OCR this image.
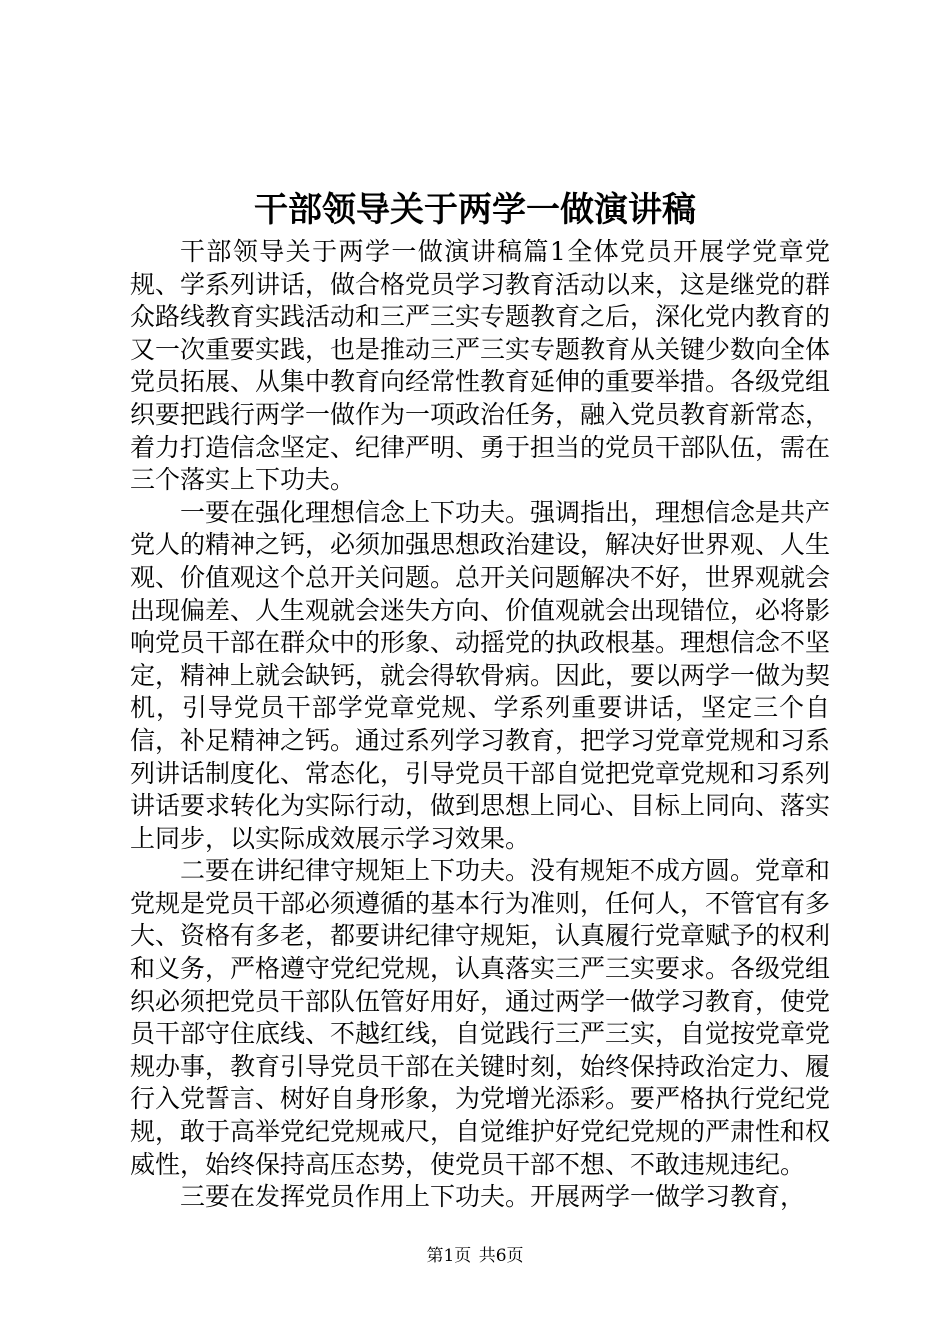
干部领导关于两学一做演讲稿

干部领导关于两学一做演讲稿篇1全体党员开展学党章党规、学系列讲话，做合格党员学习教育活动以来，这是继党的群众路线教育实践活动和三严三实专题教育之后，深化党内教育的又一次重要实践，也是推动三严三实专题教育从关键少数向全体党员拓展、从集中教育向经常性教育延伸的重要举措。各级党组织要把践行两学一做作为一项政治任务，融入党员教育新常态，着力打造信念坚定、纪律严明、勇于担当的党员干部队伍，需在三个落实上下功夫。

一要在强化理想信念上下功夫。强调指出，理想信念是共产党人的精神之钙，必须加强思想政治建设，解决好世界观、人生观、价值观这个总开关问题。总开关问题解决不好，世界观就会出现偏差、人生观就会迷失方向、价值观就会出现错位，必将影响党员干部在群众中的形象、动摇党的执政根基。理想信念不坚定，精神上就会缺钙，就会得软骨病。因此，要以两学一做为契机，引导党员干部学党章党规、学系列重要讲话，坚定三个自信，补足精神之钙。通过系列学习教育，把学习党章党规和习系列讲话制度化、常态化，引导党员干部自觉把党章党规和习系列讲话要求转化为实际行动，做到思想上同心、目标上同向、落实上同步，以实际成效展示学习效果。

二要在讲纪律守规矩上下功夫。没有规矩不成方圆。党章和党规是党员干部必须遵循的基本行为准则，任何人，不管官有多大、资格有多老，都要讲纪律守规矩，认真履行党章赋予的权利和义务，严格遵守党纪党规，认真落实三严三实要求。各级党组织必须把党员干部队伍管好用好，通过两学一做学习教育，使党员干部守住底线、不越红线，自觉践行三严三实，自觉按党章党规办事，教育引导党员干部在关键时刻，始终保持政治定力、履行入党誓言、树好自身形象，为党增光添彩。要严格执行党纪党规，敢于高举党纪党规戒尺，自觉维护好党纪党规的严肃性和权威性，始终保持高压态势，使党员干部不想、不敢违规违纪。

三要在发挥党员作用上下功夫。开展两学一做学习教育，

第1页 共6页
